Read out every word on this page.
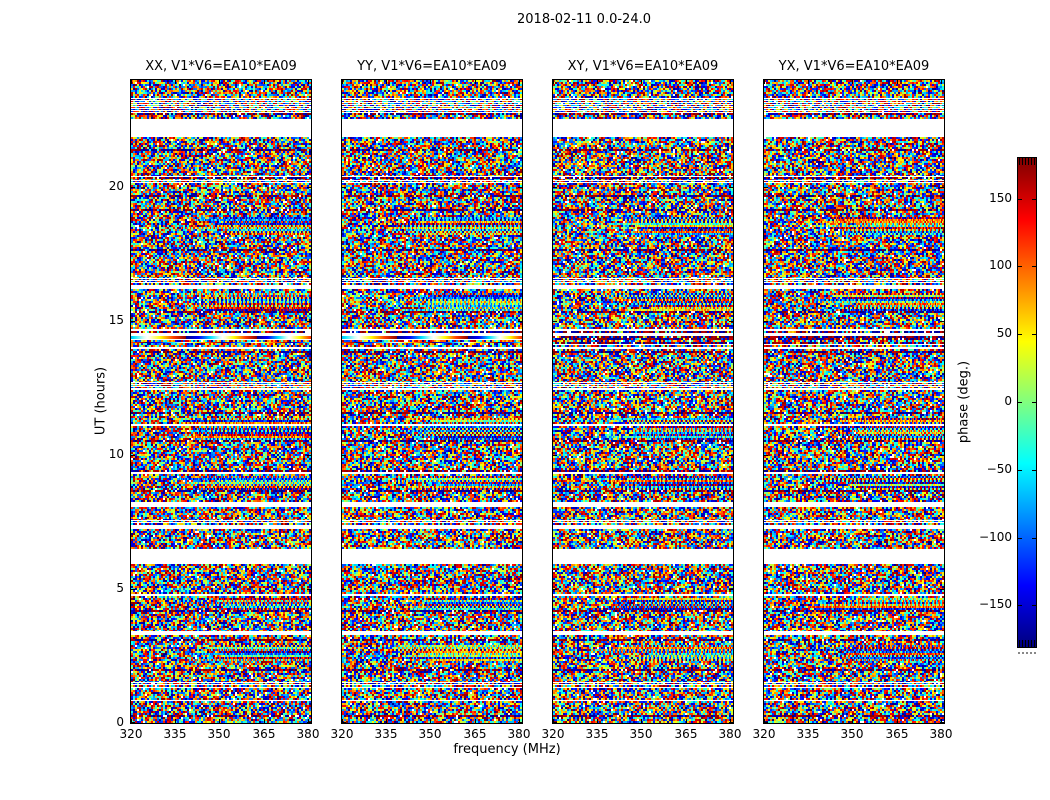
2018-02-11 0.0-24.0
XX, V1*V6=EA10*EA09	YY, V1*V6=EA10*EA09	XY, V1*V6=EA10*EA09	YX, V1*V6=EA10*EA09
UT (hours)
frequency (MHz)
0
5
10
15
20
320	335	350	365	380 320	335	350	365	380 320	335	350	365	380 320	335	350	365	380
phase (deg.)
150
100
50
0
−50
−100
−150
